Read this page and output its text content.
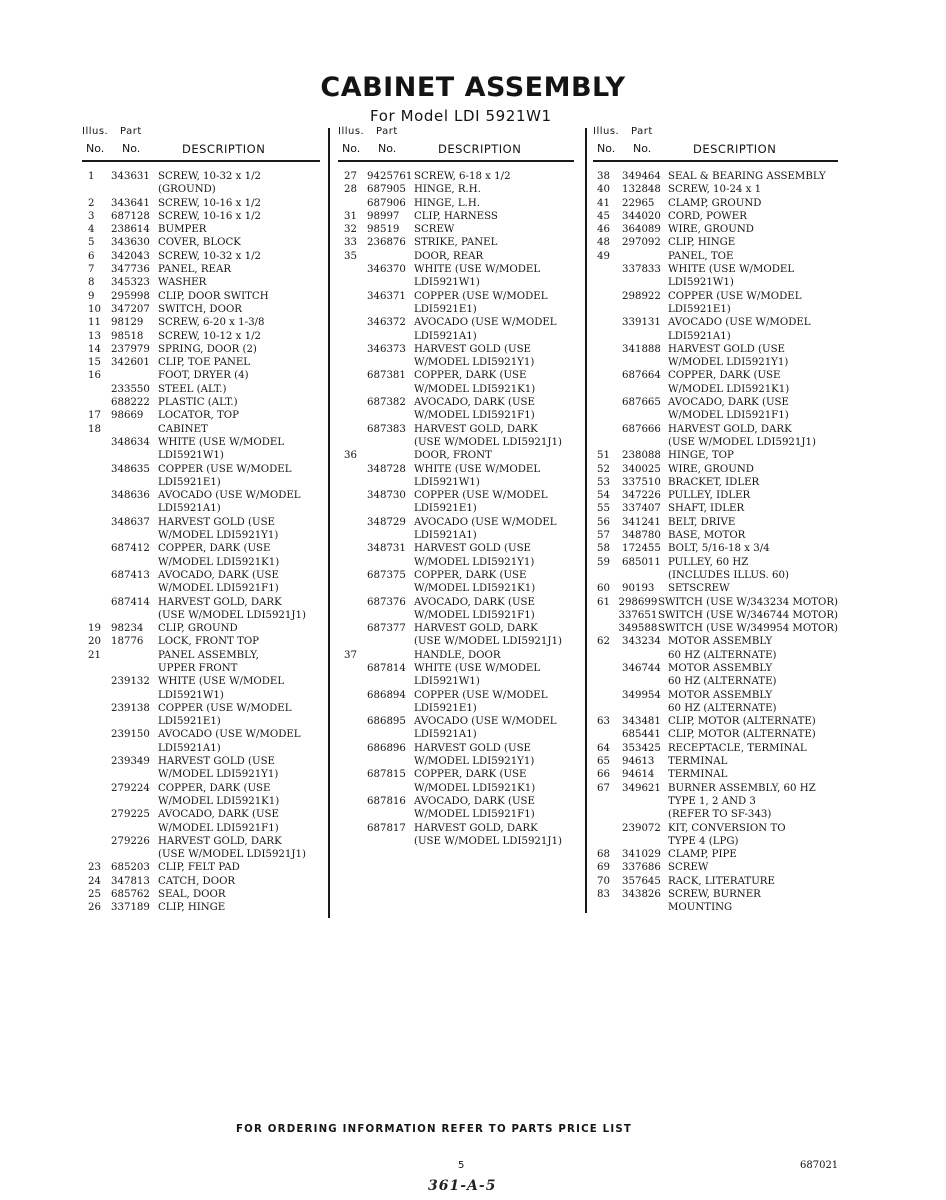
CABINET ASSEMBLY
For Model LDI 5921W1
Illus. Part
No. No.	DESCRIPTION
1	343631 SCREW, 10-32 x 1/2
(GROUND)
2	343641 SCREW, 10-16 x 1/2
3	687128 SCREW, 10-16 x 1/2
4	238614 BUMPER
5	343630 COVER, BLOCK
6	342043 SCREW, 10-32 x 1/2
7	347736 PANEL, REAR
8	345323 WASHER
9	295998 CLIP, DOOR SWITCH
10 347207 SWITCH, DOOR
11 98129	SCREW, 6-20 x 1-3/8
13 98518	SCREW, 10-12 x 1/2
14 237979 SPRING, DOOR (2)
15 342601 CLIP, TOE PANEL
16	FOOT, DRYER (4)
233550 STEEL (ALT.)
688222 PLASTIC (ALT.)
17 98669	LOCATOR, TOP
18	CABINET
348634 WHITE (USE W/MODEL
LDI5921W1)
348635 COPPER (USE W/MODEL
LDI5921E1)
348636 AVOCADO (USE W/MODEL
LDI5921A1)
348637 HARVEST GOLD (USE
W/MODEL LDI5921Y1)
687412 COPPER, DARK (USE
W/MODEL LDI5921K1)
687413 AVOCADO, DARK (USE
W/MODEL LDI5921F1)
687414 HARVEST GOLD, DARK
(USE W/MODEL LDI5921J1)
19 98234	CLIP, GROUND
20 18776	LOCK, FRONT TOP
21	PANEL ASSEMBLY,
UPPER FRONT
239132 WHITE (USE W/MODEL
LDI5921W1)
239138 COPPER (USE W/MODEL
LDI5921E1)
239150 AVOCADO (USE W/MODEL
LDI5921A1)
239349 HARVEST GOLD (USE
W/MODEL LDI5921Y1)
279224 COPPER, DARK (USE
W/MODEL LDI5921K1)
279225 AVOCADO, DARK (USE
W/MODEL LDI5921F1)
279226 HARVEST GOLD, DARK
(USE W/MODEL LDI5921J1)
23 685203 CLIP, FELT PAD
24 347813 CATCH, DOOR
25 685762 SEAL, DOOR
26 337189 CLIP, HINGE
Illus. Part
No. No.	DESCRIPTION
27 9425761 SCREW, 6-18 x 1/2
28 687905 HINGE, R.H.
687906 HINGE, L.H.
31 98997	CLIP, HARNESS
32 98519	SCREW
33 236876 STRIKE, PANEL
35	DOOR, REAR
346370 WHITE (USE W/MODEL
LDI5921W1)
346371 COPPER (USE W/MODEL
LDI5921E1)
346372 AVOCADO (USE W/MODEL
LDI5921A1)
346373 HARVEST GOLD (USE
W/MODEL LDI5921Y1)
687381 COPPER, DARK (USE
W/MODEL LDI5921K1)
687382 AVOCADO, DARK (USE
W/MODEL LDI5921F1)
687383 HARVEST GOLD, DARK
(USE W/MODEL LDI5921J1)
36	DOOR, FRONT
348728 WHITE (USE W/MODEL
LDI5921W1)
348730 COPPER (USE W/MODEL
LDI5921E1)
348729 AVOCADO (USE W/MODEL
LDI5921A1)
348731 HARVEST GOLD (USE
W/MODEL LDI5921Y1)
687375 COPPER, DARK (USE
W/MODEL LDI5921K1)
687376 AVOCADO, DARK (USE
W/MODEL LDI5921F1)
687377 HARVEST GOLD, DARK
(USE W/MODEL LDI5921J1)
37	HANDLE, DOOR
687814 WHITE (USE W/MODEL
LDI5921W1)
686894 COPPER (USE W/MODEL
LDI5921E1)
686895 AVOCADO (USE W/MODEL
LDI5921A1)
686896 HARVEST GOLD (USE
W/MODEL LDI5921Y1)
687815 COPPER, DARK (USE
W/MODEL LDI5921K1)
687816 AVOCADO, DARK (USE
W/MODEL LDI5921F1)
687817 HARVEST GOLD, DARK
(USE W/MODEL LDI5921J1)
Illus. Part
No. No.	DESCRIPTION
38	349464 SEAL & BEARING ASSEMBLY
40	132848 SCREW, 10-24 x 1
41	22965	CLAMP, GROUND
45	344020 CORD, POWER
46	364089 WIRE, GROUND
48	297092 CLIP, HINGE
49	PANEL, TOE
337833 WHITE (USE W/MODEL
LDI5921W1)
298922 COPPER (USE W/MODEL
LDI5921E1)
339131 AVOCADO (USE W/MODEL
LDI5921A1)
341888 HARVEST GOLD (USE
W/MODEL LDI5921Y1)
687664 COPPER, DARK (USE
W/MODEL LDI5921K1)
687665 AVOCADO, DARK (USE
W/MODEL LDI5921F1)
687666 HARVEST GOLD, DARK
(USE W/MODEL LDI5921J1)
51	238088 HINGE, TOP
52	340025 WIRE, GROUND
53	337510 BRACKET, IDLER
54	347226 PULLEY, IDLER
55	337407 SHAFT, IDLER
56	341241 BELT, DRIVE
57	348780 BASE, MOTOR
58	172455 BOLT, 5/16-18 x 3/4
59	685011 PULLEY, 60 HZ
(INCLUDES ILLUS. 60)
60	90193	SETSCREW
61 298699 SWITCH (USE W/343234 MOTOR)
337651 SWITCH (USE W/346744 MOTOR)
349588 SWITCH (USE W/349954 MOTOR)
62	343234 MOTOR ASSEMBLY
60 HZ (ALTERNATE)
346744 MOTOR ASSEMBLY
60 HZ (ALTERNATE)
349954 MOTOR ASSEMBLY
60 HZ (ALTERNATE)
63	343481 CLIP, MOTOR (ALTERNATE)
685441 CLIP, MOTOR (ALTERNATE)
64	353425 RECEPTACLE, TERMINAL
65	94613	TERMINAL
66	94614	TERMINAL
67	349621 BURNER ASSEMBLY, 60 HZ
TYPE 1, 2 AND 3
(REFER TO SF-343)
239072 KIT, CONVERSION TO
TYPE 4 (LPG)
68	341029 CLAMP, PIPE
69	337686 SCREW
70	357645 RACK, LITERATURE
83	343826 SCREW, BURNER
MOUNTING
FOR ORDERING INFORMATION REFER TO PARTS PRICE LIST
5	687021
361-A-5
